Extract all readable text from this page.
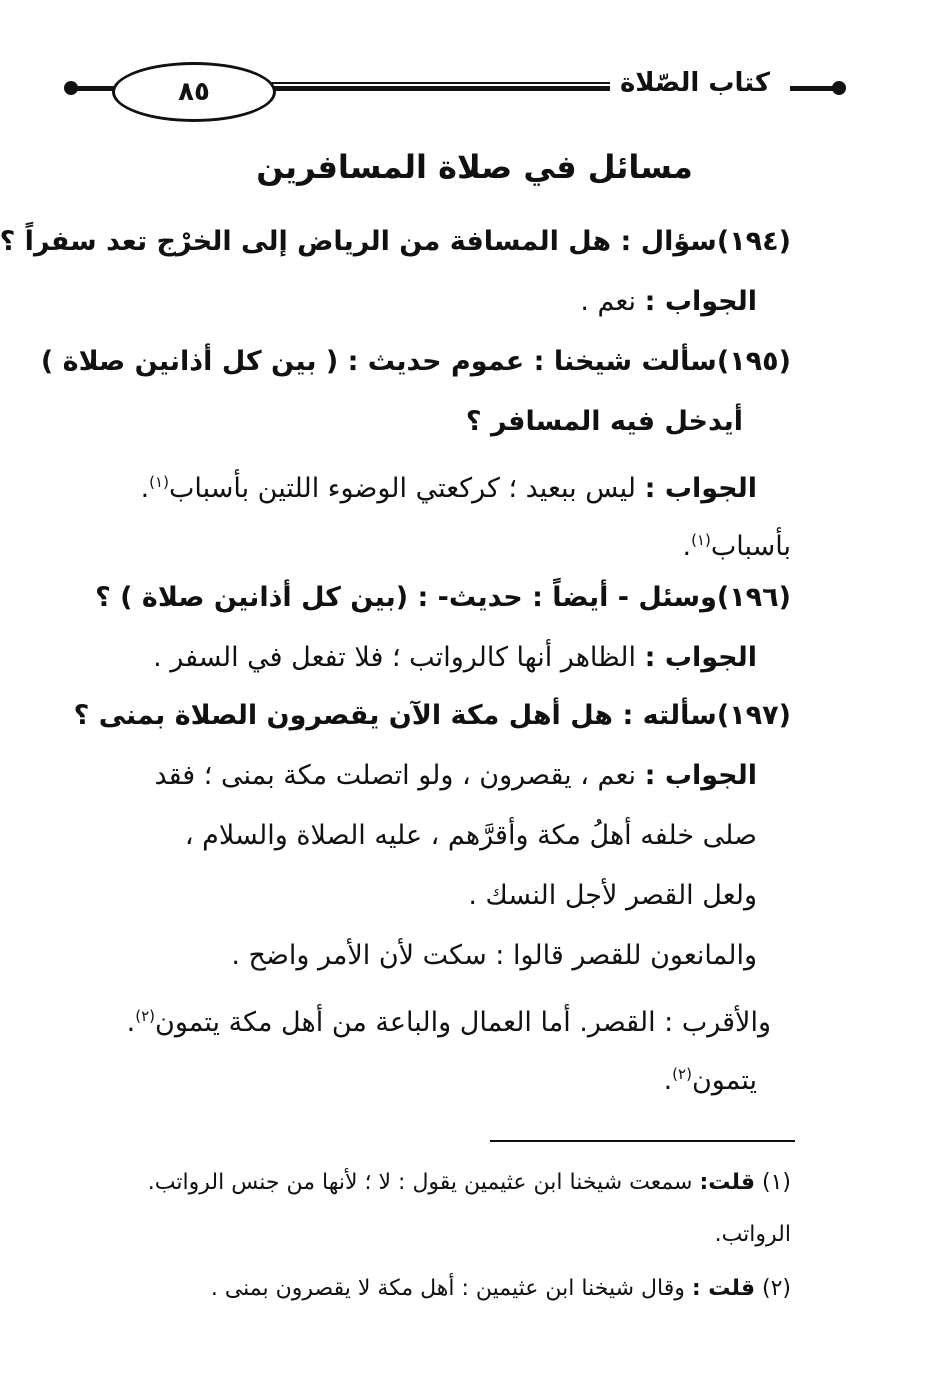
٨٥	كتاب الصّلاة
مسائل في صلاة المسافرين
(١٩٤)سؤال : هل المسافة من الرياض إلى الخرْج تعد سفراً ؟
الجواب : نعم .
(١٩٥)سألت شيخنا : عموم حديث : ( بين كل أذانين صلاة )
أيدخل فيه المسافر ؟
الجواب : ليس ببعيد ؛ كركعتي الوضوء اللتين بأسباب$^{(١)}$.
بأسباب$^{(١)}$.
(١٩٦)وسئل - أيضاً : حديث- : (بين كل أذانين صلاة ) ؟
الجواب : الظاهر أنها كالرواتب ؛ فلا تفعل في السفر .
(١٩٧)سألته : هل أهل مكة الآن يقصرون الصلاة بمنى ؟
الجواب : نعم ، يقصرون ، ولو اتصلت مكة بمنى ؛ فقد
صلى خلفه أهلُ مكة وأقرَّهم ، عليه الصلاة والسلام ،
ولعل القصر لأجل النسك .
والمانعون للقصر قالوا : سكت لأن الأمر واضح .
والأقرب : القصر. أما العمال والباعة من أهل مكة يتمون$^{(٢)}$.
يتمون$^{(٢)}$.
(١) قلت: سمعت شيخنا ابن عثيمين يقول : لا ؛ لأنها من جنس الرواتب.
الرواتب.
(٢) قلت : وقال شيخنا ابن عثيمين : أهل مكة لا يقصرون بمنى .
